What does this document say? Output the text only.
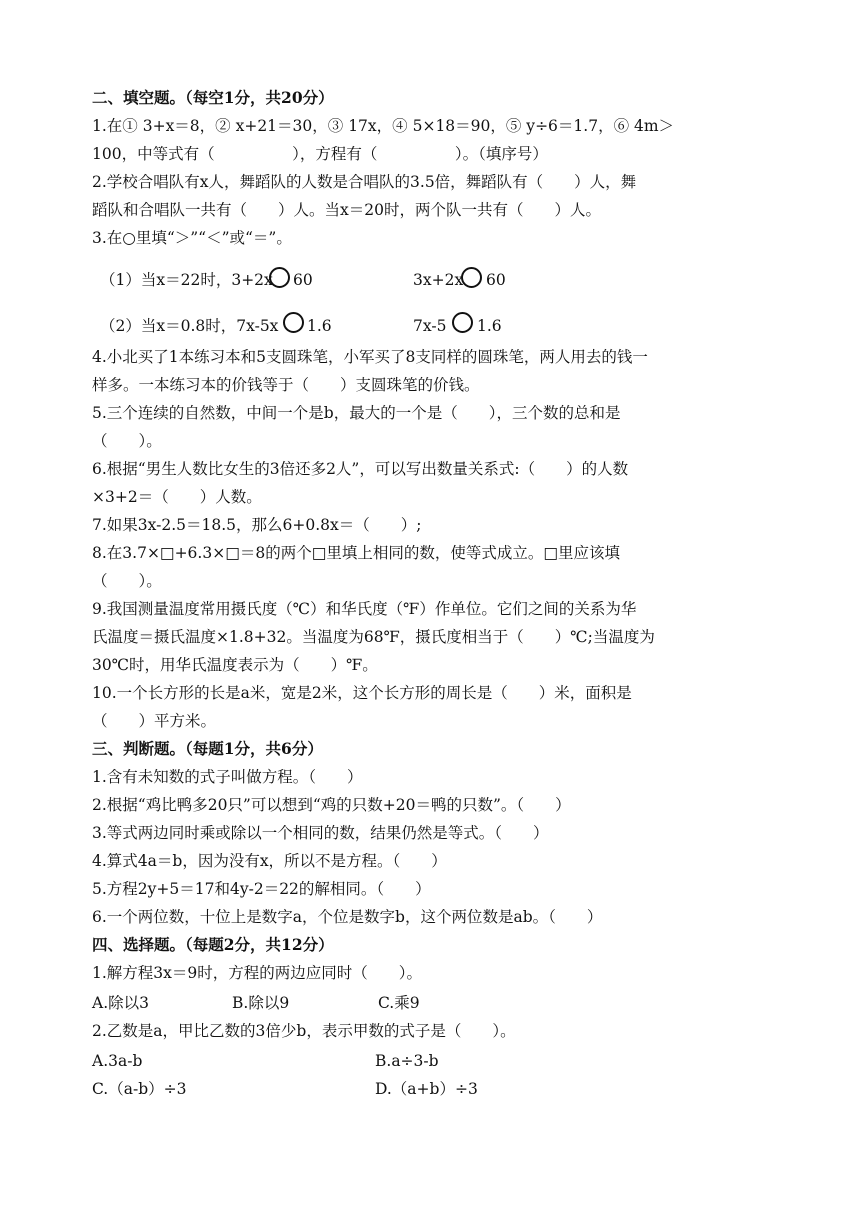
二、填空题。（每空1分，共20分）
1.在① 3+x＝8，② x+21＝30，③ 17x，④ 5×18＝90，⑤ y÷6＝1.7，⑥ 4m＞
100，中等式有（　　　　　），方程有（　　　　　）。（填序号）
2.学校合唱队有x人，舞蹈队的人数是合唱队的3.5倍，舞蹈队有（　　）人，舞
蹈队和合唱队一共有（　　）人。当x＝20时，两个队一共有（　　）人。
3.在○里填“＞”“＜”或“＝”。
（1）当x＝22时，3+2x 60	3x+2x 60
（2）当x＝0.8时，7x-5x 1.6	7x-5 1.6
4.小北买了1本练习本和5支圆珠笔，小军买了8支同样的圆珠笔，两人用去的钱一
样多。一本练习本的价钱等于（　　）支圆珠笔的价钱。
5.三个连续的自然数，中间一个是b，最大的一个是（　　），三个数的总和是
（　　）。
6.根据“男生人数比女生的3倍还多2人”，可以写出数量关系式:（　　）的人数
×3+2＝（　　）人数。
7.如果3x-2.5＝18.5，那么6+0.8x＝（　　）;
8.在3.7×□+6.3×□＝8的两个□里填上相同的数，使等式成立。□里应该填
（　　）。
9.我国测量温度常用摄氏度（℃）和华氏度（℉）作单位。它们之间的关系为华
氏温度＝摄氏温度×1.8+32。当温度为68℉，摄氏度相当于（　　）℃;当温度为
30℃时，用华氏温度表示为（　　）℉。
10.一个长方形的长是a米，宽是2米，这个长方形的周长是（　　）米，面积是
（　　）平方米。
三、判断题。（每题1分，共6分）
1.含有未知数的式子叫做方程。（　　）
2.根据“鸡比鸭多20只”可以想到“鸡的只数+20＝鸭的只数”。（　　）
3.等式两边同时乘或除以一个相同的数，结果仍然是等式。（　　）
4.算式4a＝b，因为没有x，所以不是方程。（　　）
5.方程2y+5＝17和4y-2＝22的解相同。（　　）
6.一个两位数，十位上是数字a，个位是数字b，这个两位数是ab。（　　）
四、选择题。（每题2分，共12分）
1.解方程3x＝9时，方程的两边应同时（　　）。
A.除以3	B.除以9	C.乘9
2.乙数是a，甲比乙数的3倍少b，表示甲数的式子是（　　）。
A.3a-b	B.a÷3-b
C.（a-b）÷3	D.（a+b）÷3
